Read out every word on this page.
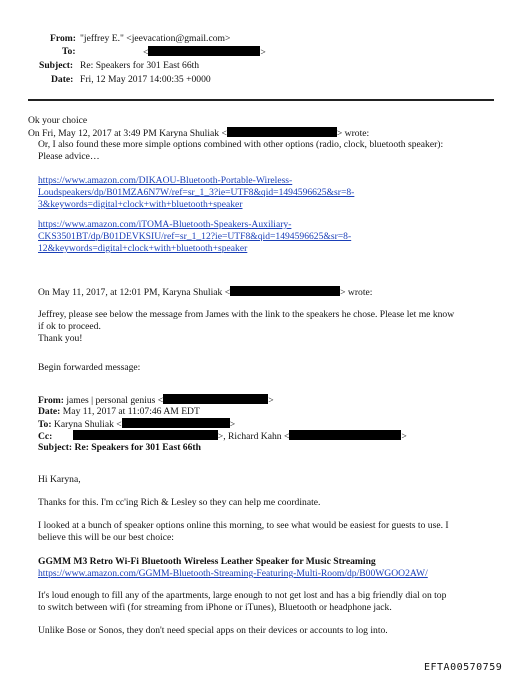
From: "jeffrey E." <jeevacation@gmail.com>
To:	<	>
Subject: Re: Speakers for 301 East 66th
Date: Fri, 12 May 2017 14:00:35 +0000
Ok your choice
On Fri, May 12, 2017 at 3:49 PM Karyna Shuliak <	> wrote:
Or, I also found these more simple options combined with other options (radio, clock, bluetooth speaker):
Please advice…
https://www.amazon.com/DIKAOU-Bluetooth-Portable-Wireless-
Loudspeakers/dp/B01MZA6N7W/ref=sr_1_3?ie=UTF8&qid=1494596625&sr=8-
3&keywords=digital+clock+with+bluetooth+speaker
https://www.amazon.com/iTOMA-Bluetooth-Speakers-Auxiliary-
CKS3501BT/dp/B01DEVKSIU/ref=sr_1_12?ie=UTF8&qid=1494596625&sr=8-
12&keywords=digital+clock+with+bluetooth+speaker
On May 11, 2017, at 12:01 PM, Karyna Shuliak <	> wrote:
Jeffrey, please see below the message from James with the link to the speakers he chose. Please let me know
if ok to proceed.
Thank you!
Begin forwarded message:
From: james | personal genius <	>
Date: May 11, 2017 at 11:07:46 AM EDT
To: Karyna Shuliak <	>
Cc:	>, Richard Kahn <	>
Subject: Re: Speakers for 301 East 66th
Hi Karyna,
Thanks for this. I'm cc'ing Rich & Lesley so they can help me coordinate.
I looked at a bunch of speaker options online this morning, to see what would be easiest for guests to use. I
believe this will be our best choice:
GGMM M3 Retro Wi-Fi Bluetooth Wireless Leather Speaker for Music Streaming
https://www.amazon.com/GGMM-Bluetooth-Streaming-Featuring-Multi-Room/dp/B00WGOO2AW/
It's loud enough to fill any of the apartments, large enough to not get lost and has a big friendly dial on top
to switch between wifi (for streaming from iPhone or iTunes), Bluetooth or headphone jack.
Unlike Bose or Sonos, they don't need special apps on their devices or accounts to log into.
EFTA00570759
